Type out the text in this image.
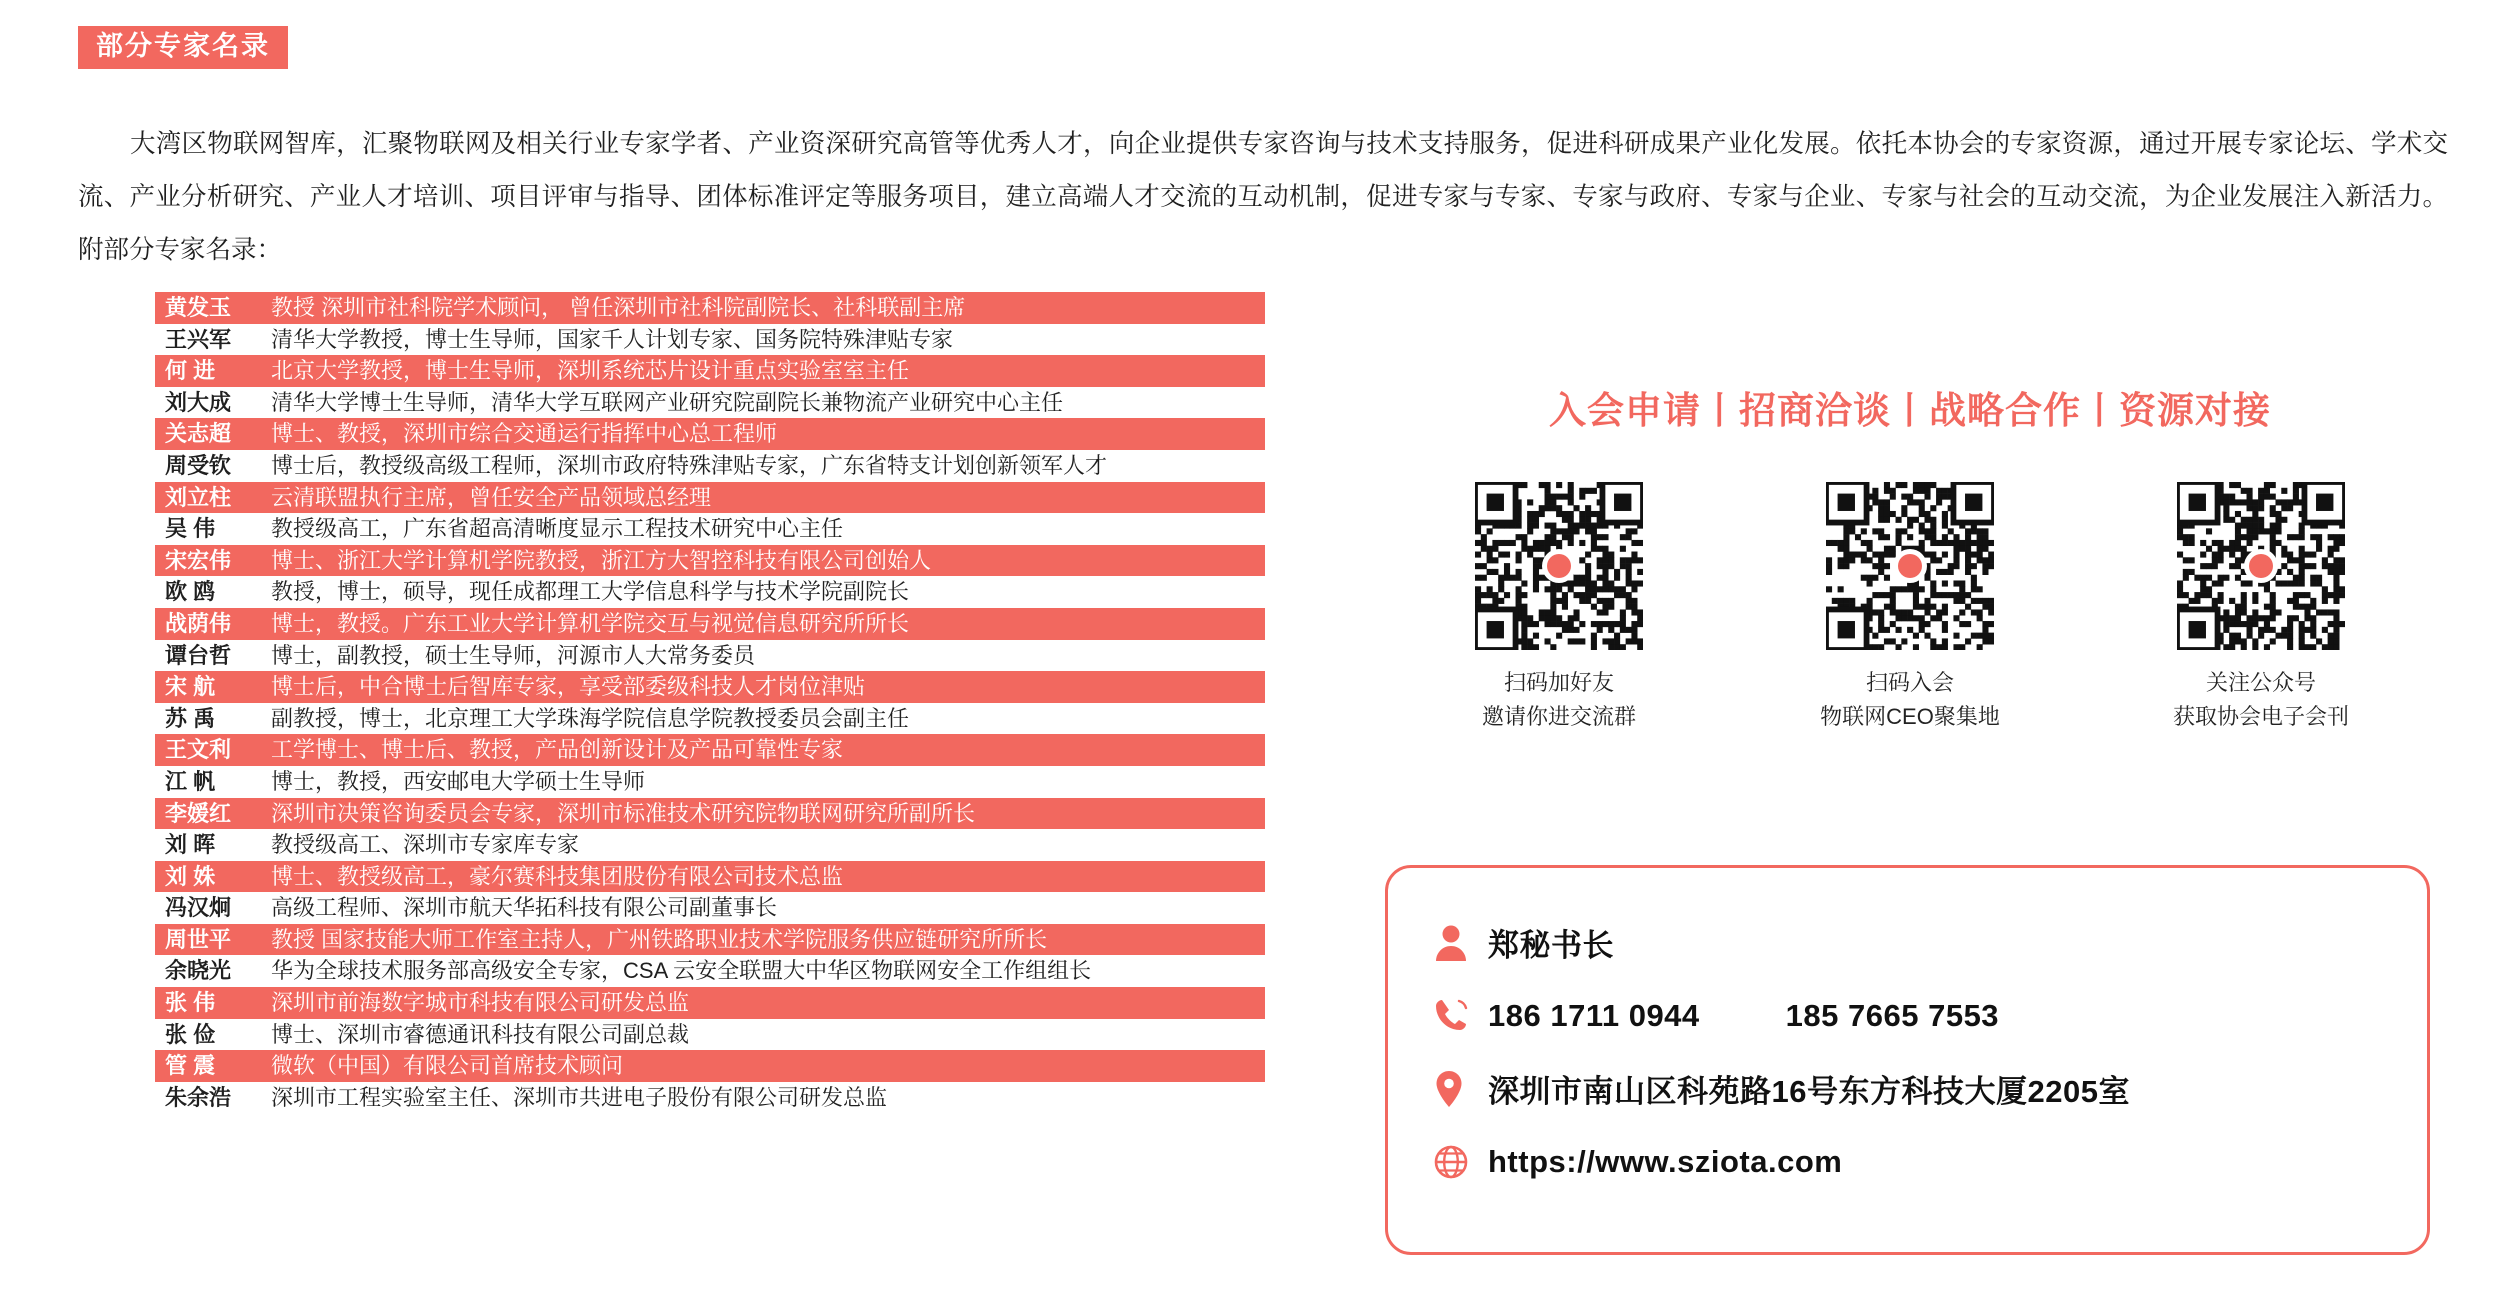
部分专家名录
大湾区物联网智库，汇聚物联网及相关行业专家学者、产业资深研究高管等优秀人才，向企业提供专家咨询与技术支持服务，促进科研成果产业化发展。依托本协会的专家资源，通过开展专家论坛、学术交流、产业分析研究、产业人才培训、项目评审与指导、团体标准评定等服务项目，建立高端人才交流的互动机制，促进专家与专家、专家与政府、专家与企业、专家与社会的互动交流，为企业发展注入新活力。附部分专家名录：
黄发玉	教授 深圳市社科院学术顾问， 曾任深圳市社科院副院长、社科联副主席
王兴军	清华大学教授，博士生导师，国家千人计划专家、国务院特殊津贴专家
何 进	北京大学教授，博士生导师，深圳系统芯片设计重点实验室室主任
刘大成	清华大学博士生导师，清华大学互联网产业研究院副院长兼物流产业研究中心主任
关志超	博士、教授，深圳市综合交通运行指挥中心总工程师
周受钦	博士后，教授级高级工程师，深圳市政府特殊津贴专家，广东省特支计划创新领军人才
刘立柱	云清联盟执行主席，曾任安全产品领域总经理
吴 伟	教授级高工，广东省超高清晰度显示工程技术研究中心主任
宋宏伟	博士、浙江大学计算机学院教授，浙江方大智控科技有限公司创始人
欧 鸥	教授，博士，硕导，现任成都理工大学信息科学与技术学院副院长
战荫伟	博士，教授。广东工业大学计算机学院交互与视觉信息研究所所长
谭台哲	博士，副教授，硕士生导师，河源市人大常务委员
宋 航	博士后，中合博士后智库专家，享受部委级科技人才岗位津贴
苏 禹	副教授，博士，北京理工大学珠海学院信息学院教授委员会副主任
王文利	工学博士、博士后、教授，产品创新设计及产品可靠性专家
江 帆	博士，教授，西安邮电大学硕士生导师
李媛红	深圳市决策咨询委员会专家，深圳市标准技术研究院物联网研究所副所长
刘 晖	教授级高工、深圳市专家库专家
刘 姝	博士、教授级高工，豪尔赛科技集团股份有限公司技术总监
冯汉炯	高级工程师、深圳市航天华拓科技有限公司副董事长
周世平	教授 国家技能大师工作室主持人，广州铁路职业技术学院服务供应链研究所所长
余晓光	华为全球技术服务部高级安全专家，CSA 云安全联盟大中华区物联网安全工作组组长
张 伟	深圳市前海数字城市科技有限公司研发总监
张 俭	博士、深圳市睿德通讯科技有限公司副总裁
管 震	微软（中国）有限公司首席技术顾问
朱余浩	深圳市工程实验室主任、深圳市共进电子股份有限公司研发总监
入会申请丨招商洽谈丨战略合作丨资源对接
扫码加好友
邀请你进交流群
扫码入会
物联网CEO聚集地
关注公众号
获取协会电子会刊
郑秘书长
186 1711 0944	185 7665 7553
深圳市南山区科苑路16号东方科技大厦2205室
https://www.sziota.com
